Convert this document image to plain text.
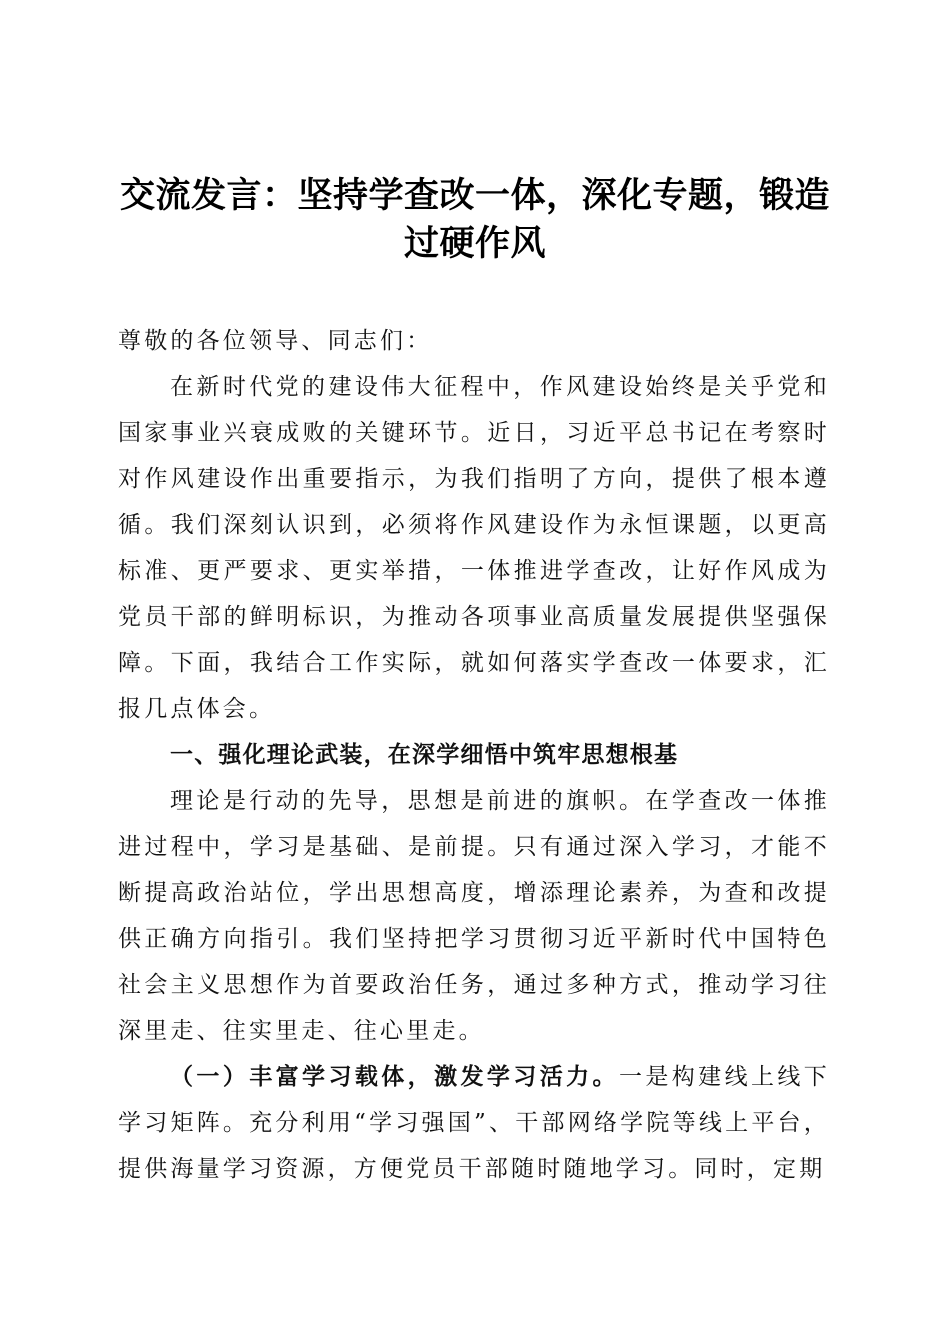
交流发言：坚持学查改一体，深化专题，锻造
过硬作风

尊敬的各位领导、同志们：

在新时代党的建设伟大征程中，作风建设始终是关乎党和国家事业兴衰成败的关键环节。近日，习近平总书记在考察时对作风建设作出重要指示，为我们指明了方向，提供了根本遵循。我们深刻认识到，必须将作风建设作为永恒课题，以更高标准、更严要求、更实举措，一体推进学查改，让好作风成为党员干部的鲜明标识，为推动各项事业高质量发展提供坚强保障。下面，我结合工作实际，就如何落实学查改一体要求，汇报几点体会。

一、强化理论武装，在深学细悟中筑牢思想根基

理论是行动的先导，思想是前进的旗帜。在学查改一体推进过程中，学习是基础、是前提。只有通过深入学习，才能不断提高政治站位，学出思想高度，增添理论素养，为查和改提供正确方向指引。我们坚持把学习贯彻习近平新时代中国特色社会主义思想作为首要政治任务，通过多种方式，推动学习往深里走、往实里走、往心里走。

（一）丰富学习载体，激发学习活力。一是构建线上线下学习矩阵。充分利用“学习强国”、干部网络学院等线上平台，提供海量学习资源，方便党员干部随时随地学习。同时，定期
